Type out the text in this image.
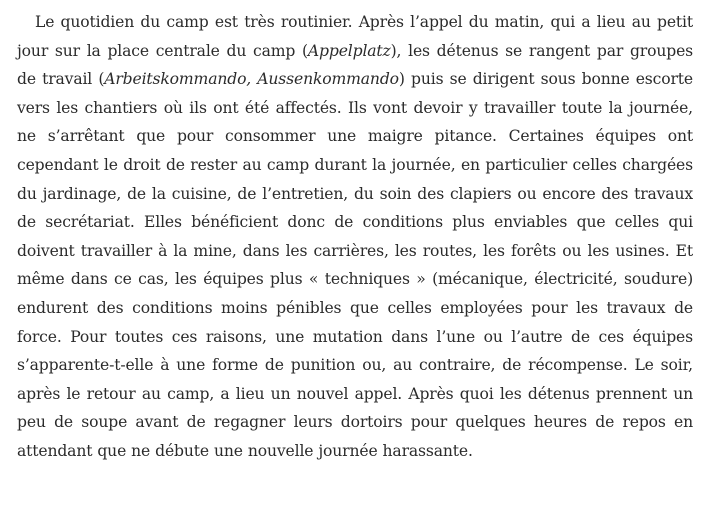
Le quotidien du camp est très routinier. Après l’appel du matin, qui a lieu au petit jour sur la place centrale du camp (Appelplatz), les détenus se rangent par groupes de travail (Arbeitskommando, Aussenkommando) puis se dirigent sous bonne escorte vers les chantiers où ils ont été affectés. Ils vont devoir y travailler toute la journée, ne s’arrêtant que pour consommer une maigre pitance. Certaines équipes ont cependant le droit de rester au camp durant la journée, en particulier celles chargées du jardinage, de la cuisine, de l’entretien, du soin des clapiers ou encore des travaux de secrétariat. Elles bénéficient donc de conditions plus enviables que celles qui doivent travailler à la mine, dans les carrières, les routes, les forêts ou les usines. Et même dans ce cas, les équipes plus « techniques » (mécanique, électricité, soudure) endurent des conditions moins pénibles que celles employées pour les travaux de force. Pour toutes ces raisons, une mutation dans l’une ou l’autre de ces équipes s’apparente-t-elle à une forme de punition ou, au contraire, de récompense. Le soir, après le retour au camp, a lieu un nouvel appel. Après quoi les détenus prennent un peu de soupe avant de regagner leurs dortoirs pour quelques heures de repos en attendant que ne débute une nouvelle journée harassante.
